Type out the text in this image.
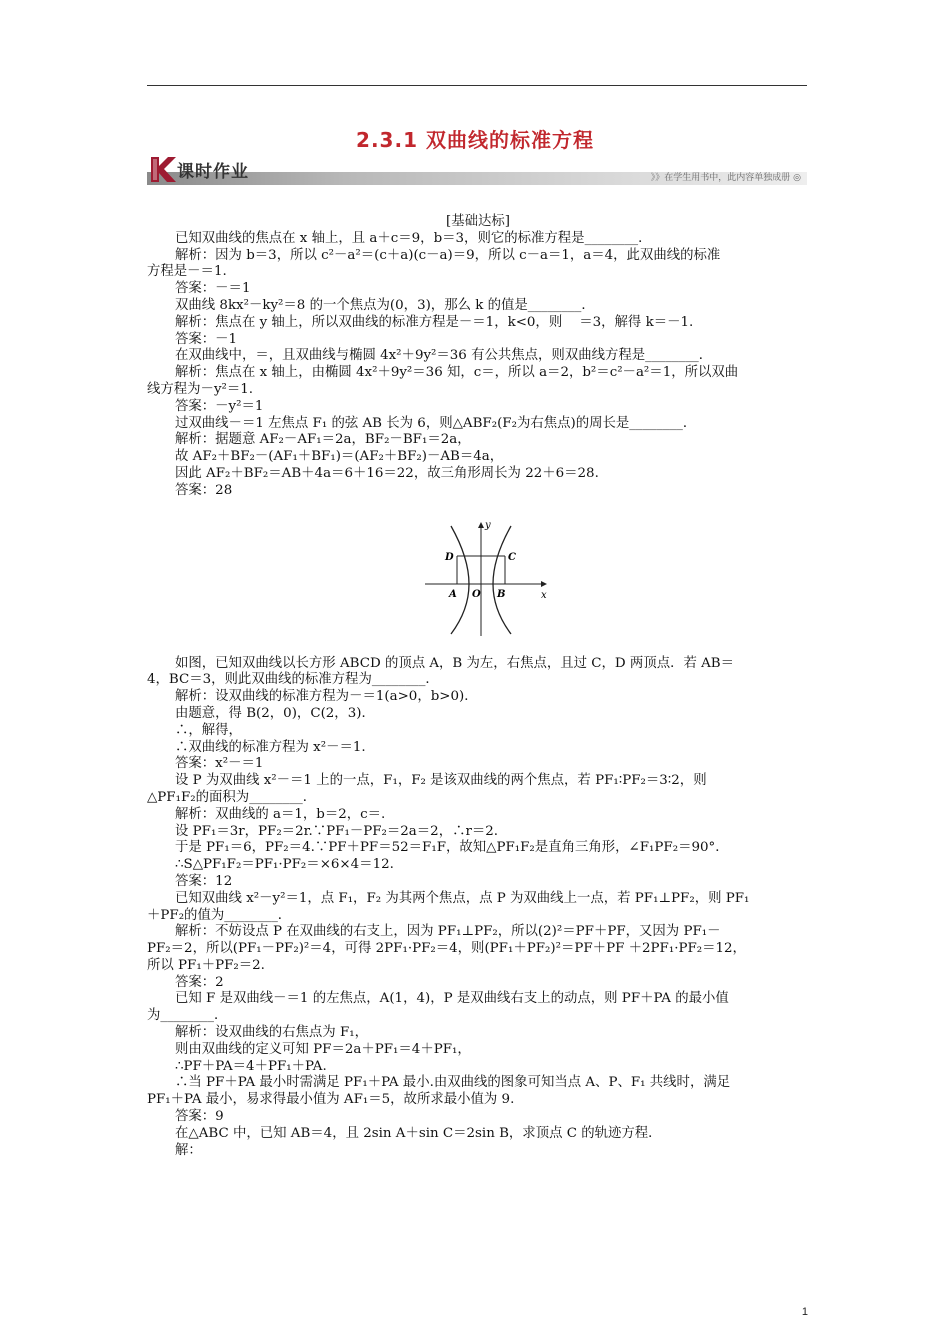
2.3.1 双曲线的标准方程
课时作业	》》在学生用书中，此内容单独成册 ◎
[基础达标]
已知双曲线的焦点在 x 轴上，且 a＋c＝9，b＝3，则它的标准方程是________．
解析：因为 b＝3，所以 c²－a²＝(c＋a)(c－a)＝9，所以 c－a＝1，a＝4，此双曲线的标准
方程是－＝1.
答案：－＝1
双曲线 8kx²－ky²＝8 的一个焦点为(0，3)，那么 k 的值是________．
解析：焦点在 y 轴上，所以双曲线的标准方程是－＝1，k<0，则    ＝3，解得 k＝－1.
答案：－1
在双曲线中，＝，且双曲线与椭圆 4x²＋9y²＝36 有公共焦点，则双曲线方程是________．
解析：焦点在 x 轴上，由椭圆 4x²＋9y²＝36 知，c＝，所以 a＝2，b²＝c²－a²＝1，所以双曲
线方程为－y²＝1.
答案：－y²＝1
过双曲线－＝1 左焦点 F₁ 的弦 AB 长为 6，则△ABF₂(F₂为右焦点)的周长是________．
解析：据题意 AF₂－AF₁＝2a，BF₂－BF₁＝2a，
故 AF₂＋BF₂－(AF₁＋BF₁)＝(AF₂＋BF₂)－AB＝4a，
因此 AF₂＋BF₂＝AB＋4a＝6＋16＝22，故三角形周长为 22＋6＝28.
答案：28
y
x
D	C
A O B
如图，已知双曲线以长方形 ABCD 的顶点 A，B 为左，右焦点，且过 C，D 两顶点．若 AB＝
4，BC＝3，则此双曲线的标准方程为________．
解析：设双曲线的标准方程为－＝1(a>0，b>0)．
由题意，得 B(2，0)，C(2，3)．
∴，解得，
∴双曲线的标准方程为 x²－＝1.
答案：x²－＝1
设 P 为双曲线 x²－＝1 上的一点，F₁，F₂ 是该双曲线的两个焦点，若 PF₁∶PF₂＝3∶2，则
△PF₁F₂的面积为________．
解析：双曲线的 a＝1，b＝2，c＝.
设 PF₁＝3r，PF₂＝2r.∵PF₁－PF₂＝2a＝2，∴r＝2.
于是 PF₁＝6，PF₂＝4.∵PF＋PF＝52＝F₁F，故知△PF₁F₂是直角三角形，∠F₁PF₂＝90°．
∴S△PF₁F₂＝PF₁·PF₂＝×6×4＝12.
答案：12
已知双曲线 x²－y²＝1，点 F₁，F₂ 为其两个焦点，点 P 为双曲线上一点，若 PF₁⊥PF₂，则 PF₁
＋PF₂的值为________．
解析：不妨设点 P 在双曲线的右支上，因为 PF₁⊥PF₂，所以(2)²＝PF＋PF，又因为 PF₁－
PF₂＝2，所以(PF₁－PF₂)²＝4，可得 2PF₁·PF₂＝4，则(PF₁＋PF₂)²＝PF＋PF ＋2PF₁·PF₂＝12，
所以 PF₁＋PF₂＝2.
答案：2
已知 F 是双曲线－＝1 的左焦点，A(1，4)，P 是双曲线右支上的动点，则 PF＋PA 的最小值
为________．
解析：设双曲线的右焦点为 F₁，
则由双曲线的定义可知 PF＝2a＋PF₁＝4＋PF₁，
∴PF＋PA＝4＋PF₁＋PA.
∴当 PF＋PA 最小时需满足 PF₁＋PA 最小.由双曲线的图象可知当点 A、P、F₁ 共线时，满足
PF₁＋PA 最小，易求得最小值为 AF₁＝5，故所求最小值为 9.
答案：9
在△ABC 中，已知 AB＝4，且 2sin A＋sin C＝2sin B，求顶点 C 的轨迹方程．
解：
1
